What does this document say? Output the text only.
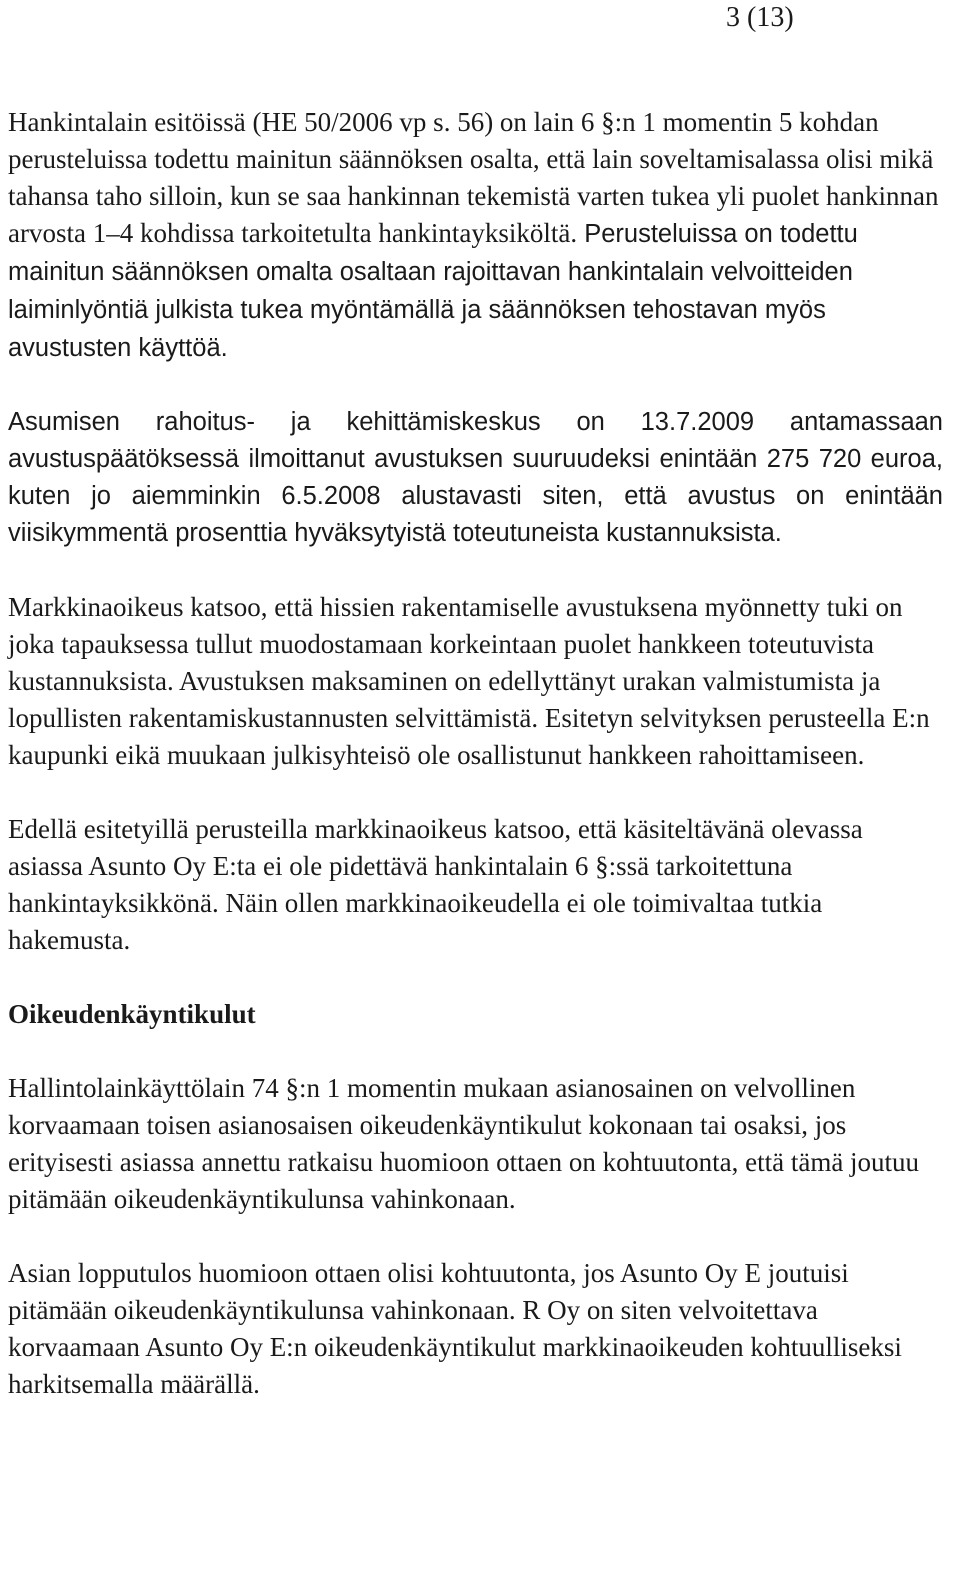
3 (13)

Hankintalain esitöissä (HE 50/2006 vp s. 56) on lain 6 §:n 1 momentin 5 kohdan perusteluissa todettu mainitun säännöksen osalta, että lain soveltamisalassa olisi mikä tahansa taho silloin, kun se saa hankinnan tekemistä varten tukea yli puolet hankinnan arvosta 1–4 kohdissa tarkoitetulta hankintayksiköltä. Perusteluissa on todettu mainitun säännöksen omalta osaltaan rajoittavan hankintalain velvoitteiden laiminlyöntiä julkista tukea myöntämällä ja säännöksen tehostavan myös avustusten käyttöä.

Asumisen rahoitus- ja kehittämiskeskus on 13.7.2009 antamassaan avustuspäätöksessä ilmoittanut avustuksen suuruudeksi enintään 275 720 euroa, kuten jo aiemminkin 6.5.2008 alustavasti siten, että avustus on enintään viisikymmentä prosenttia hyväksytyistä toteutuneista kustannuksista.

Markkinaoikeus katsoo, että hissien rakentamiselle avustuksena myönnetty tuki on joka tapauksessa tullut muodostamaan korkeintaan puolet hankkeen toteutuvista kustannuksista. Avustuksen maksaminen on edellyttänyt urakan valmistumista ja lopullisten rakentamiskustannusten selvittämistä. Esitetyn selvityksen perusteella E:n kaupunki eikä muukaan julkisyhteisö ole osallistunut hankkeen rahoittamiseen.

Edellä esitetyillä perusteilla markkinaoikeus katsoo, että käsiteltävänä olevassa asiassa Asunto Oy E:ta ei ole pidettävä hankintalain 6 §:ssä tarkoitettuna hankintayksikkönä. Näin ollen markkinaoikeudella ei ole toimivaltaa tutkia hakemusta.

Oikeudenkäyntikulut

Hallintolainkäyttölain 74 §:n 1 momentin mukaan asianosainen on velvollinen korvaamaan toisen asianosaisen oikeudenkäyntikulut kokonaan tai osaksi, jos erityisesti asiassa annettu ratkaisu huomioon ottaen on kohtuutonta, että tämä joutuu pitämään oikeudenkäyntikulunsa vahinkonaan.

Asian lopputulos huomioon ottaen olisi kohtuutonta, jos Asunto Oy E joutuisi pitämään oikeudenkäyntikulunsa vahinkonaan. R Oy on siten velvoitettava korvaamaan Asunto Oy E:n oikeudenkäyntikulut markkinaoikeuden kohtuulliseksi harkitsemalla määrällä.
